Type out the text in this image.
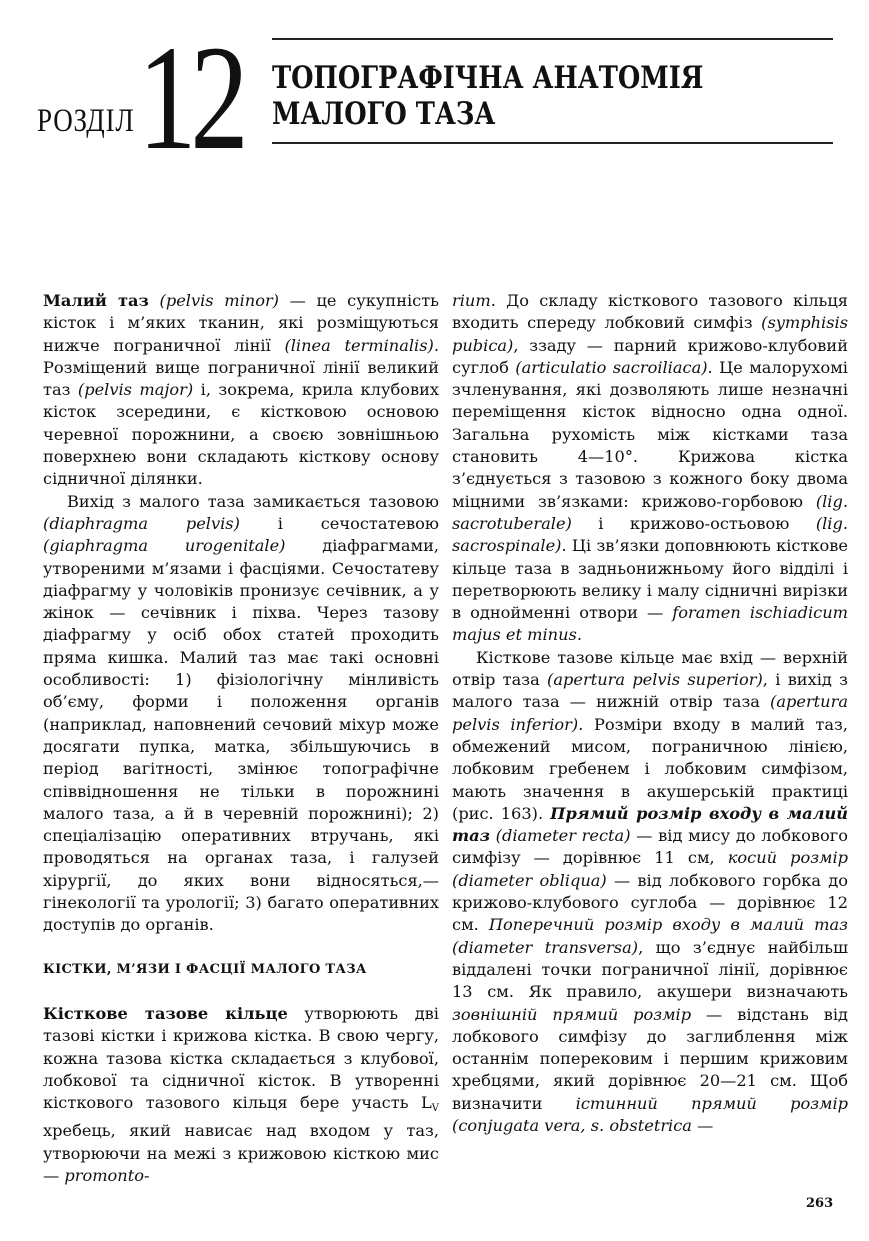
РОЗДІЛ 12 ТОПОГРАФІЧНА АНАТОМІЯ
МАЛОГО ТАЗА

Малий таз (pelvis minor) — це сукупність кісток і м’яких тканин, які розміщуються нижче пограничної лінії (linea terminalis). Розміщений вище пограничної лінії великий таз (pelvis major) і, зокрема, крила клубових кісток зсередини, є кістковою основою черевної порожнини, а своєю зовнішньою поверхнею вони складають кісткову основу сідничної ділянки.

Вихід з малого таза замикається тазовою (diaphragma pelvis) і сечостатевою (giaphragma urogenitale) діафрагмами, утвореними м’язами і фасціями. Сечостатеву діафрагму у чоловіків пронизує сечівник, а у жінок — сечівник і піхва. Через тазову діафрагму у осіб обох статей проходить пряма кишка. Малий таз має такі основні особливості: 1) фізіологічну мінливість об’єму, форми і положення органів (наприклад, наповнений сечовий міхур може досягати пупка, матка, збільшуючись в період вагітності, змінює топографічне співвідношення не тільки в порожнині малого таза, а й в черевній порожнині); 2) спеціалізацію оперативних втручань, які проводяться на органах таза, і галузей хірургії, до яких вони відносяться,— гінекології та урології; 3) багато оперативних доступів до органів.

КІСТКИ, М’ЯЗИ І ФАСЦІЇ МАЛОГО ТАЗА

Кісткове тазове кільце утворюють дві тазові кістки і крижова кістка. В свою чергу, кожна тазова кістка складається з клубової, лобкової та сідничної кісток. В утворенні кісткового тазового кільця бере участь $L_V$ хребець, який нависає над входом у таз, утворюючи на межі з крижовою кісткою мис — promonto-

rium. До складу кісткового тазового кільця входить спереду лобковий симфіз (symphisis pubica), ззаду — парний крижово-клубовий суглоб (articulatio sacroiliaca). Це малорухомі зчленування, які дозволяють лише незначні переміщення кісток відносно одна одної. Загальна рухомість між кістками таза становить 4—10°. Крижова кістка з’єднується з тазовою з кожного боку двома міцними зв’язками: крижово-горбовою (lig. sacrotuberale) і крижово-остьовою (lig. sacrospinale). Ці зв’язки доповнюють кісткове кільце таза в задньонижньому його відділі і перетворюють велику і малу сідничні вирізки в однойменні отвори — foramen ischiadicum majus et minus.

Кісткове тазове кільце має вхід — верхній отвір таза (apertura pelvis superior), і вихід з малого таза — нижній отвір таза (apertura pelvis inferior). Розміри входу в малий таз, обмежений мисом, пограничною лінією, лобковим гребенем і лобковим симфізом, мають значення в акушерській практиці (рис. 163). Прямий розмір входу в малий таз (diameter recta) — від мису до лобкового симфізу — дорівнює 11 см, косий розмір (diameter obliqua) — від лобкового горбка до крижово-клубового суглоба — дорівнює 12 см. Поперечний розмір входу в малий таз (diameter transversa), що з’єднує найбільш віддалені точки пограничної лінії, дорівнює 13 см. Як правило, акушери визначають зовнішній прямий розмір — відстань від лобкового симфізу до заглиблення між останнім поперековим і першим крижовим хребцями, який дорівнює 20—21 см. Щоб визначити істинний прямий розмір (conjugata vera, s. obstetrica —

263
